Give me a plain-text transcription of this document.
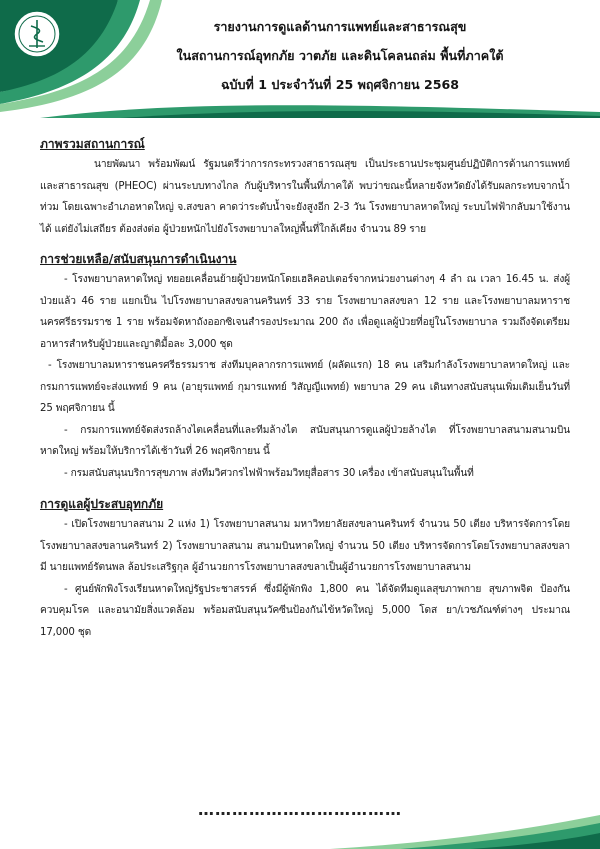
รายงานการดูแลด้านการแพทย์และสาธารณสุข
ในสถานการณ์อุทกภัย วาตภัย และดินโคลนถล่ม พื้นที่ภาคใต้
ฉบับที่ 1 ประจำวันที่ 25 พฤศจิกายน 2568

ภาพรวมสถานการณ์

นายพัฒนา พร้อมพัฒน์ รัฐมนตรีว่าการกระทรวงสาธารณสุข เป็นประธานประชุมศูนย์ปฏิบัติการด้านการแพทย์และสาธารณสุข (PHEOC) ผ่านระบบทางไกล กับผู้บริหารในพื้นที่ภาคใต้ พบว่าขณะนี้หลายจังหวัดยังได้รับผลกระทบจากน้ำท่วม โดยเฉพาะอำเภอหาดใหญ่ จ.สงขลา คาดว่าระดับน้ำจะยังสูงอีก 2-3 วัน โรงพยาบาลหาดใหญ่ ระบบไฟฟ้ากลับมาใช้งานได้ แต่ยังไม่เสถียร ต้องส่งต่อ ผู้ป่วยหนักไปยังโรงพยาบาลใหญ่พื้นที่ใกล้เคียง จำนวน 89 ราย

การช่วยเหลือ/สนับสนุนการดำเนินงาน

- โรงพยาบาลหาดใหญ่ ทยอยเคลื่อนย้ายผู้ป่วยหนักโดยเฮลิคอปเตอร์จากหน่วยงานต่างๆ 4 ลำ ณ เวลา 16.45 น. ส่งผู้ป่วยแล้ว 46 ราย แยกเป็น ไปโรงพยาบาลสงขลานครินทร์ 33 ราย โรงพยาบาลสงขลา 12 ราย และโรงพยาบาลมหาราชนครศรีธรรมราช 1 ราย พร้อมจัดหาถังออกซิเจนสำรองประมาณ 200 ถัง เพื่อดูแลผู้ป่วยที่อยู่ในโรงพยาบาล รวมถึงจัดเตรียมอาหารสำหรับผู้ป่วยและญาติมื้อละ 3,000 ชุด

- โรงพยาบาลมหาราชนครศรีธรรมราช ส่งทีมบุคลากรการแพทย์ (ผลัดแรก) 18 คน เสริมกำลังโรงพยาบาลหาดใหญ่ และ กรมการแพทย์จะส่งแพทย์ 9 คน (อายุรแพทย์ กุมารแพทย์ วิสัญญีแพทย์) พยาบาล 29 คน เดินทางสนับสนุนเพิ่มเติมเย็นวันที่ 25 พฤศจิกายน นี้

- กรมการแพทย์จัดส่งรถล้างไตเคลื่อนที่และทีมล้างไต สนับสนุนการดูแลผู้ป่วยล้างไต ที่โรงพยาบาลสนามสนามบินหาดใหญ่ พร้อมให้บริการได้เช้าวันที่ 26 พฤศจิกายน นี้

- กรมสนับสนุนบริการสุขภาพ ส่งทีมวิศวกรไฟฟ้าพร้อมวิทยุสื่อสาร 30 เครื่อง เข้าสนับสนุนในพื้นที่

การดูแลผู้ประสบอุทกภัย

- เปิดโรงพยาบาลสนาม 2 แห่ง 1) โรงพยาบาลสนาม มหาวิทยาลัยสงขลานครินทร์ จำนวน 50 เตียง บริหารจัดการโดย โรงพยาบาลสงขลานครินทร์ 2) โรงพยาบาลสนาม สนามบินหาดใหญ่ จำนวน 50 เตียง บริหารจัดการโดยโรงพยาบาลสงขลา มี นายแพทย์รัตนพล ล้อประเสริฐกุล ผู้อำนวยการโรงพยาบาลสงขลาเป็นผู้อำนวยการโรงพยาบาลสนาม

- ศูนย์พักพิงโรงเรียนหาดใหญ่รัฐประชาสรรค์ ซึ่งมีผู้พักพิง 1,800 คน ได้จัดทีมดูแลสุขภาพกาย สุขภาพจิต ป้องกันควบคุมโรค และอนามัยสิ่งแวดล้อม พร้อมสนับสนุนวัคซีนป้องกันไข้หวัดใหญ่ 5,000 โดส ยา/เวชภัณฑ์ต่างๆ ประมาณ 17,000 ชุด

………………………………
